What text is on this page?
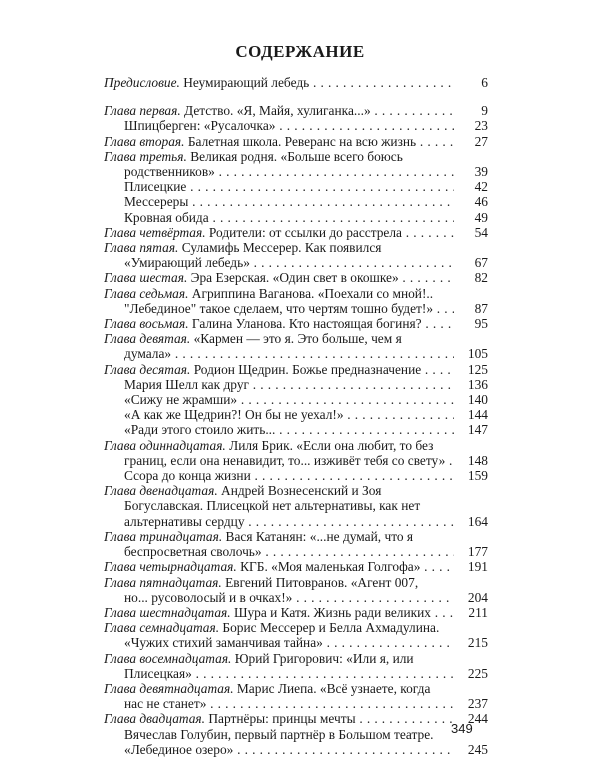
СОДЕРЖАНИЕ
Предисловие. Неумирающий лебедь . . .	6
Глава первая. Детство. «Я, Майя, хулиганка...» . . .	9
Шпицберген: «Русалочка» . . .	23
Глава вторая. Балетная школа. Реверанс на всю жизнь . . .	27
Глава третья. Великая родня. «Больше всего боюсь
родственников» . . .	39
Плисецкие . . .	42
Мессереры . . .	46
Кровная обида . . .	49
Глава четвёртая. Родители: от ссылки до расстрела . . .	54
Глава пятая. Суламифь Мессерер. Как появился
«Умирающий лебедь» . . .	67
Глава шестая. Эра Езерская. «Один свет в окошке» . . .	82
Глава седьмая. Агриппина Ваганова. «Поехали со мной!..
"Лебединое" такое сделаем, что чертям тошно будет!» . . .	87
Глава восьмая. Галина Уланова. Кто настоящая богиня? . . .	95
Глава девятая. «Кармен — это я. Это больше, чем я
думала» . . .	105
Глава десятая. Родион Щедрин. Божье предназначение . . .	125
Мария Шелл как друг . . .	136
«Сижу не жрамши» . . .	140
«А как же Щедрин?! Он бы не уехал!» . . .	144
«Ради этого стоило жить... . . .	147
Глава одиннадцатая. Лиля Брик. «Если она любит, то без
границ, если она ненавидит, то... изживёт тебя со свету» . . .	148
Ссора до конца жизни . . .	159
Глава двенадцатая. Андрей Вознесенский и Зоя
Богуславская. Плисецкой нет альтернативы, как нет
альтернативы сердцу . . .	164
Глава тринадцатая. Вася Катанян: «...не думай, что я
беспросветная сволочь» . . .	177
Глава четырнадцатая. КГБ. «Моя маленькая Голгофа» . . .	191
Глава пятнадцатая. Евгений Питовранов. «Агент 007,
но... русоволосый и в очках!» . . .	204
Глава шестнадцатая. Шура и Катя. Жизнь ради великих . . .	211
Глава семнадцатая. Борис Мессерер и Белла Ахмадулина.
«Чужих стихий заманчивая тайна» . . .	215
Глава восемнадцатая. Юрий Григорович: «Или я, или
Плисецкая» . . .	225
Глава девятнадцатая. Марис Лиепа. «Всё узнаете, когда
нас не станет» . . .	237
Глава двадцатая. Партнёры: принцы мечты . . .	244
Вячеслав Голубин, первый партнёр в Большом театре.
«Лебединое озеро» . . .	245
349
